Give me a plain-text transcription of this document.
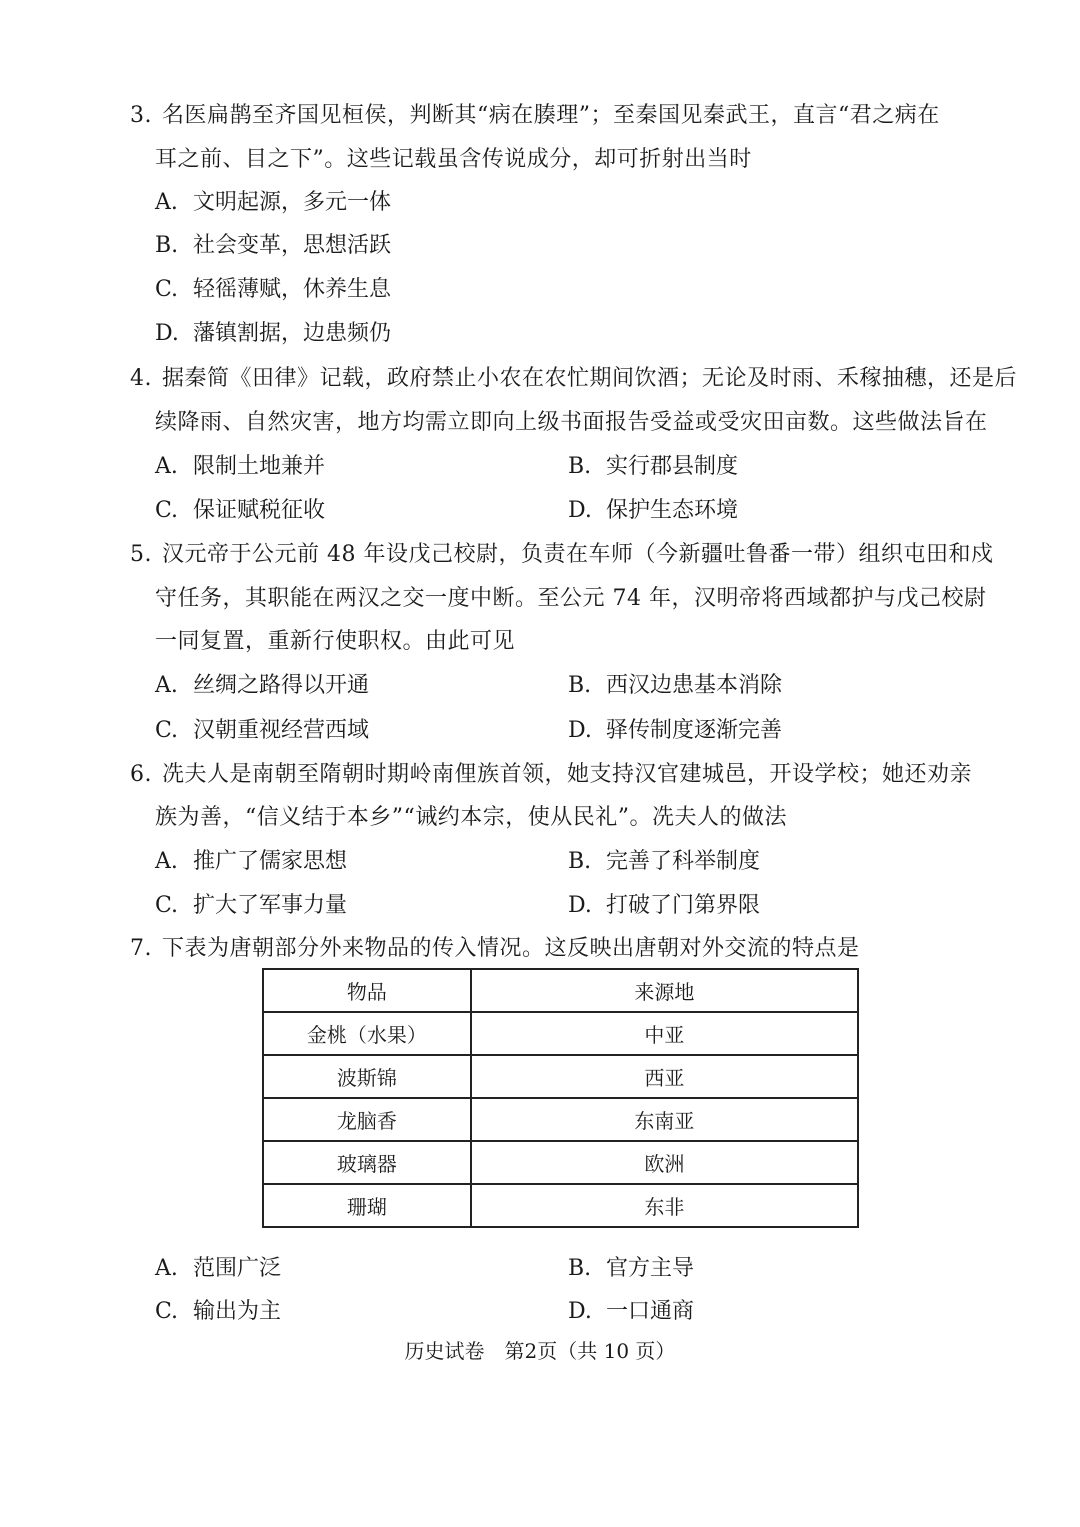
3. 名医扁鹊至齐国见桓侯，判断其“病在腠理”；至秦国见秦武王，直言“君之病在
耳之前、目之下”。这些记载虽含传说成分，却可折射出当时
A. 文明起源，多元一体
B. 社会变革，思想活跃
C. 轻徭薄赋，休养生息
D. 藩镇割据，边患频仍
4. 据秦简《田律》记载，政府禁止小农在农忙期间饮酒；无论及时雨、禾稼抽穗，还是后
续降雨、自然灾害，地方均需立即向上级书面报告受益或受灾田亩数。这些做法旨在
A. 限制土地兼并	B. 实行郡县制度
C. 保证赋税征收	D. 保护生态环境
5. 汉元帝于公元前 48 年设戊己校尉，负责在车师（今新疆吐鲁番一带）组织屯田和戍
守任务，其职能在两汉之交一度中断。至公元 74 年，汉明帝将西域都护与戊己校尉
一同复置，重新行使职权。由此可见
A. 丝绸之路得以开通	B. 西汉边患基本消除
C. 汉朝重视经营西域	D. 驿传制度逐渐完善
6. 冼夫人是南朝至隋朝时期岭南俚族首领，她支持汉官建城邑，开设学校；她还劝亲
族为善，“信义结于本乡”“诫约本宗，使从民礼”。冼夫人的做法
A. 推广了儒家思想	B. 完善了科举制度
C. 扩大了军事力量	D. 打破了门第界限
7. 下表为唐朝部分外来物品的传入情况。这反映出唐朝对外交流的特点是
物品	来源地
金桃（水果）	中亚
波斯锦	西亚
龙脑香	东南亚
玻璃器	欧洲
珊瑚	东非
A. 范围广泛	B. 官方主导
C. 输出为主	D. 一口通商
历史试卷　第2页（共 10 页）
